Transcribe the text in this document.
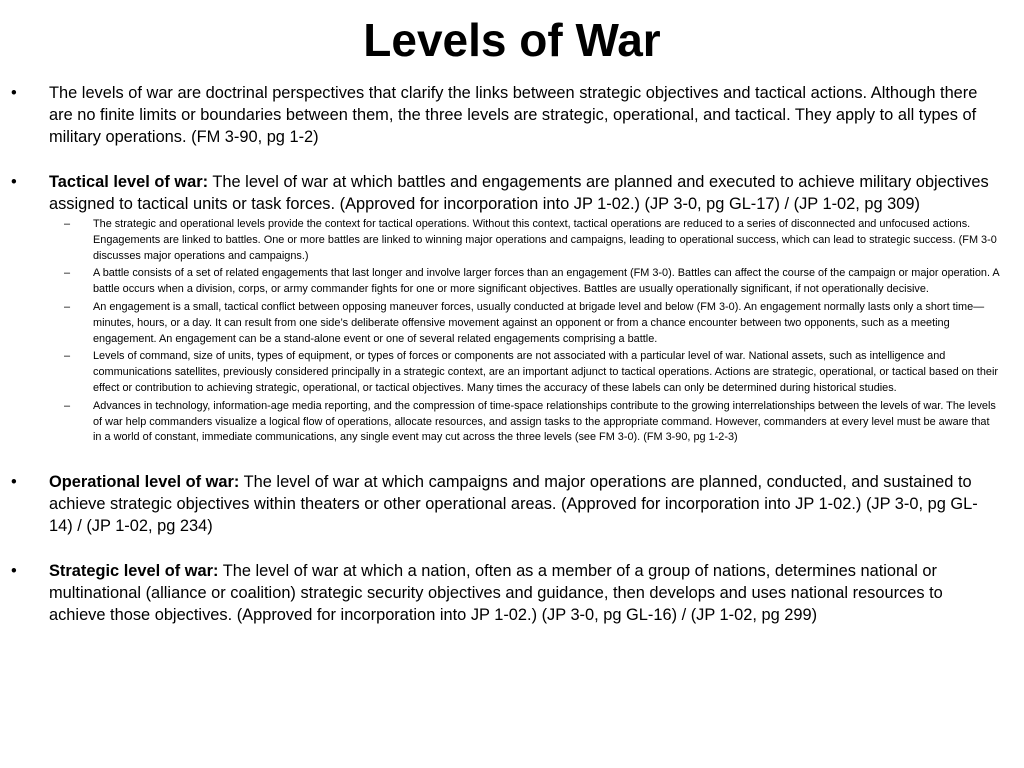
Levels of War
•	The levels of war are doctrinal perspectives that clarify the links between strategic objectives and tactical actions. Although there are no finite limits or boundaries between them, the three levels are strategic, operational, and tactical. They apply to all types of military operations. (FM 3-90, pg 1-2)
•	Tactical level of war: The level of war at which battles and engagements are planned and executed to achieve military objectives assigned to tactical units or task forces. (Approved for incorporation into JP 1-02.) (JP 3-0, pg GL-17) / (JP 1-02, pg 309)
– The strategic and operational levels provide the context for tactical operations. Without this context, tactical operations are reduced to a series of disconnected and unfocused actions. Engagements are linked to battles. One or more battles are linked to winning major operations and campaigns, leading to operational success, which can lead to strategic success. (FM 3-0 discusses major operations and campaigns.)
– A battle consists of a set of related engagements that last longer and involve larger forces than an engagement (FM 3-0). Battles can affect the course of the campaign or major operation. A battle occurs when a division, corps, or army commander fights for one or more significant objectives. Battles are usually operationally significant, if not operationally decisive.
– An engagement is a small, tactical conflict between opposing maneuver forces, usually conducted at brigade level and below (FM 3-0). An engagement normally lasts only a short time—minutes, hours, or a day. It can result from one side’s deliberate offensive movement against an opponent or from a chance encounter between two opponents, such as a meeting engagement. An engagement can be a stand-alone event or one of several related engagements comprising a battle.
– Levels of command, size of units, types of equipment, or types of forces or components are not associated with a particular level of war. National assets, such as intelligence and communications satellites, previously considered principally in a strategic context, are an important adjunct to tactical operations. Actions are strategic, operational, or tactical based on their effect or contribution to achieving strategic, operational, or tactical objectives. Many times the accuracy of these labels can only be determined during historical studies.
– Advances in technology, information-age media reporting, and the compression of time-space relationships contribute to the growing interrelationships between the levels of war. The levels of war help commanders visualize a logical flow of operations, allocate resources, and assign tasks to the appropriate command. However, commanders at every level must be aware that in a world of constant, immediate communications, any single event may cut across the three levels (see FM 3-0). (FM 3-90, pg 1-2-3)
•	Operational level of war: The level of war at which campaigns and major operations are planned, conducted, and sustained to achieve strategic objectives within theaters or other operational areas. (Approved for incorporation into JP 1-02.) (JP 3-0, pg GL-14) / (JP 1-02, pg 234)
•	Strategic level of war: The level of war at which a nation, often as a member of a group of nations, determines national or multinational (alliance or coalition) strategic security objectives and guidance, then develops and uses national resources to achieve those objectives. (Approved for incorporation into JP 1-02.) (JP 3-0, pg GL-16) / (JP 1-02, pg 299)
